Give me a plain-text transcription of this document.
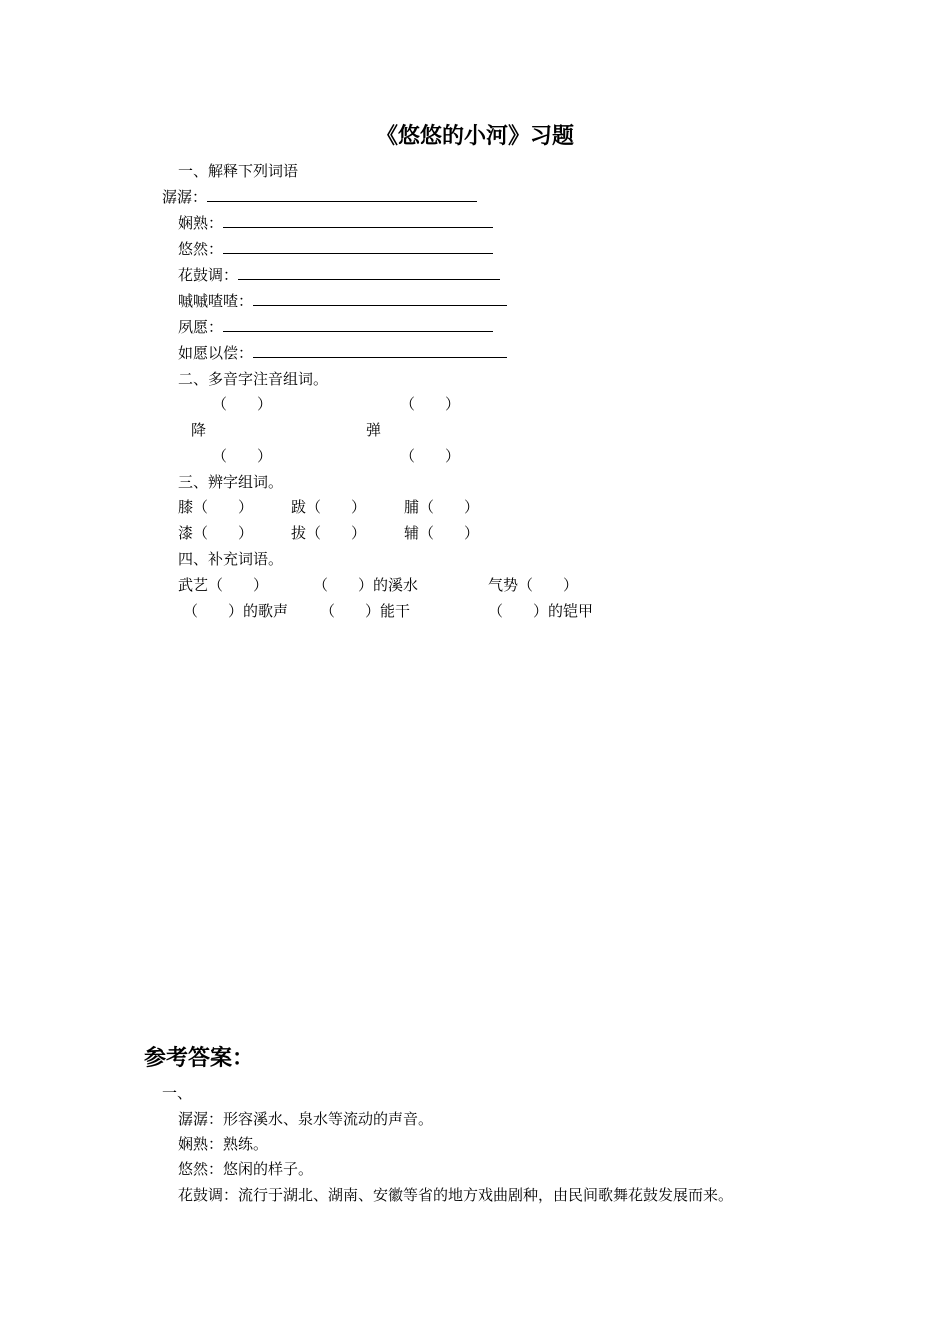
《悠悠的小河》习题
一、解释下列词语
潺潺：
娴熟：
悠然：
花鼓调：
嘁嘁喳喳：
夙愿：
如愿以偿：
二、多音字注音组词。
（　　）	（　　）
降	弹
（　　）	（　　）
三、辨字组词。
膝（　　）	跋（　　）	脯（　　）
漆（　　）	拔（　　）	辅（　　）
四、补充词语。
武艺（　　）	（　　）的溪水	气势（　　）
（　　）的歌声 （　　）能干	（　　）的铠甲
参考答案：
一、
潺潺：形容溪水、泉水等流动的声音。
娴熟：熟练。
悠然：悠闲的样子。
花鼓调：流行于湖北、湖南、安徽等省的地方戏曲剧种，由民间歌舞花鼓发展而来。
